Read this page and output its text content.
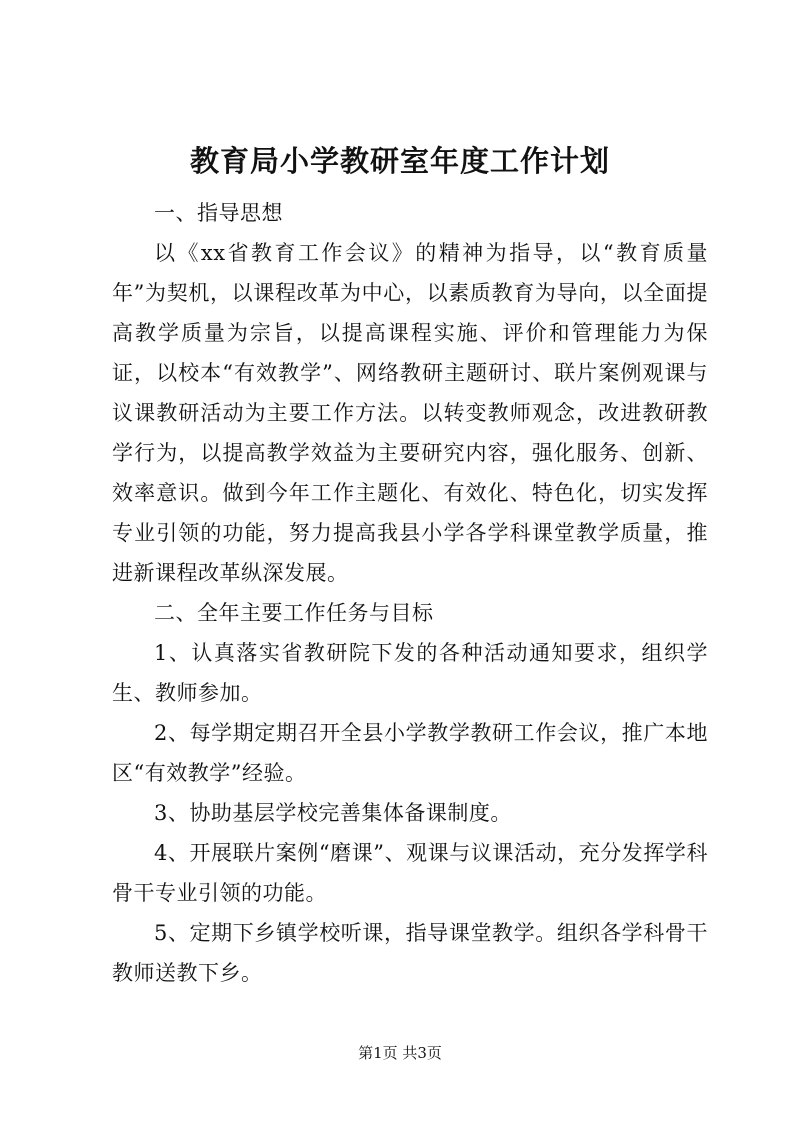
教育局小学教研室年度工作计划

一、指导思想

以《xx省教育工作会议》的精神为指导，以“教育质量年”为契机，以课程改革为中心，以素质教育为导向，以全面提高教学质量为宗旨，以提高课程实施、评价和管理能力为保证，以校本“有效教学”、网络教研主题研讨、联片案例观课与议课教研活动为主要工作方法。以转变教师观念，改进教研教学行为，以提高教学效益为主要研究内容，强化服务、创新、效率意识。做到今年工作主题化、有效化、特色化，切实发挥专业引领的功能，努力提高我县小学各学科课堂教学质量，推进新课程改革纵深发展。

二、全年主要工作任务与目标

1、认真落实省教研院下发的各种活动通知要求，组织学生、教师参加。

2、每学期定期召开全县小学教学教研工作会议，推广本地区“有效教学”经验。

3、协助基层学校完善集体备课制度。

4、开展联片案例“磨课”、观课与议课活动，充分发挥学科骨干专业引领的功能。

5、定期下乡镇学校听课，指导课堂教学。组织各学科骨干教师送教下乡。

第1页 共3页
